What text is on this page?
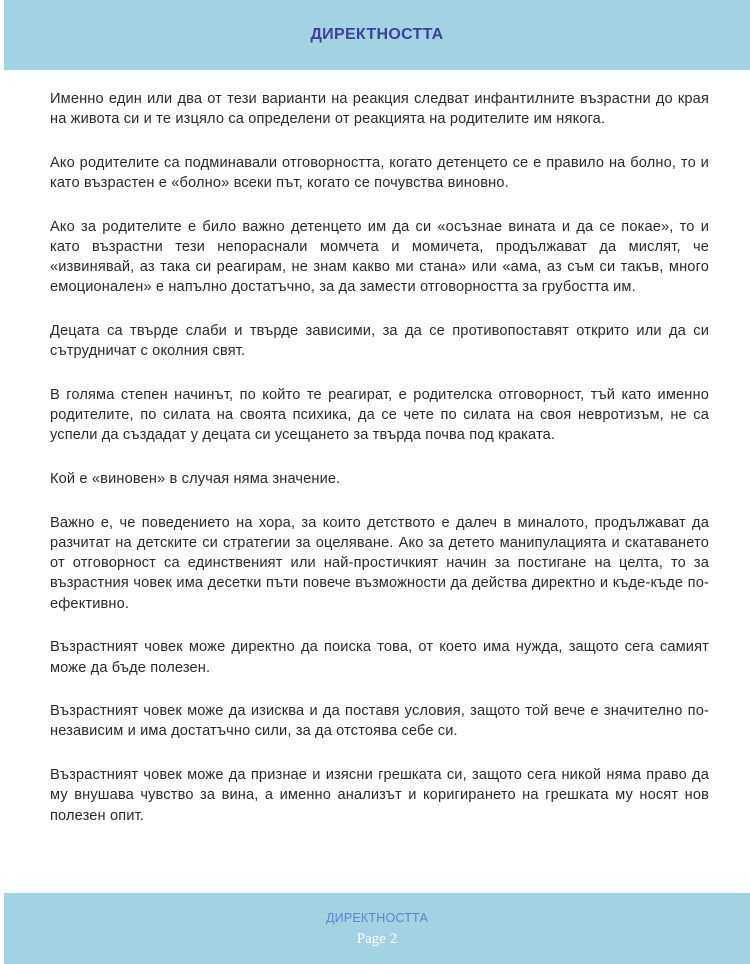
ДИРЕКТНОСТТА

Именно един или два от тези варианти на реакция следват инфантилните възрастни до края на живота си и те изцяло са определени от реакцията на родителите им някога.

Ако родителите са подминавали отговорността, когато детенцето се е правило на болно, то и като възрастен е «болно» всеки път, когато се почувства виновно.

Ако за родителите е било важно детенцето им да си «осъзнае вината и да се покае», то и като възрастни тези непораснали момчета и момичета, продължават да мислят, че «извинявай, аз така си реагирам, не знам какво ми стана» или «ама, аз съм си такъв, много емоционален» е напълно достатъчно, за да замести отговорността за грубостта им.

Децата са твърде слаби и твърде зависими, за да се противопоставят открито или да си сътрудничат с околния свят.

В голяма степен начинът, по който те реагират, е родителска отговорност, тъй като именно родителите, по силата на своята психика, да се чете по силата на своя невротизъм, не са успели да създадат у децата си усещането за твърда почва под краката.

Кой е «виновен» в случая няма значение.

Важно е, че поведението на хора, за които детството е далеч в миналото, продължават да разчитат на детските си стратегии за оцеляване. Ако за детето манипулацията и скатаването от отговорност са единственият или най-простичкият начин за постигане на целта, то за възрастния човек има десетки пъти повече възможности да действа директно и къде-къде по-ефективно.

Възрастният човек може директно да поиска това, от което има нужда, защото сега самият може да бъде полезен.

Възрастният човек може да изисква и да поставя условия, защото той вече е значително по-независим и има достатъчно сили, за да отстоява себе си.

Възрастният човек може да признае и изясни грешката си, защото сега никой няма право да му внушава чувство за вина, а именно анализът и коригирането на грешката му носят нов полезен опит.

ДИРЕКТНОСТТА
Page 2
